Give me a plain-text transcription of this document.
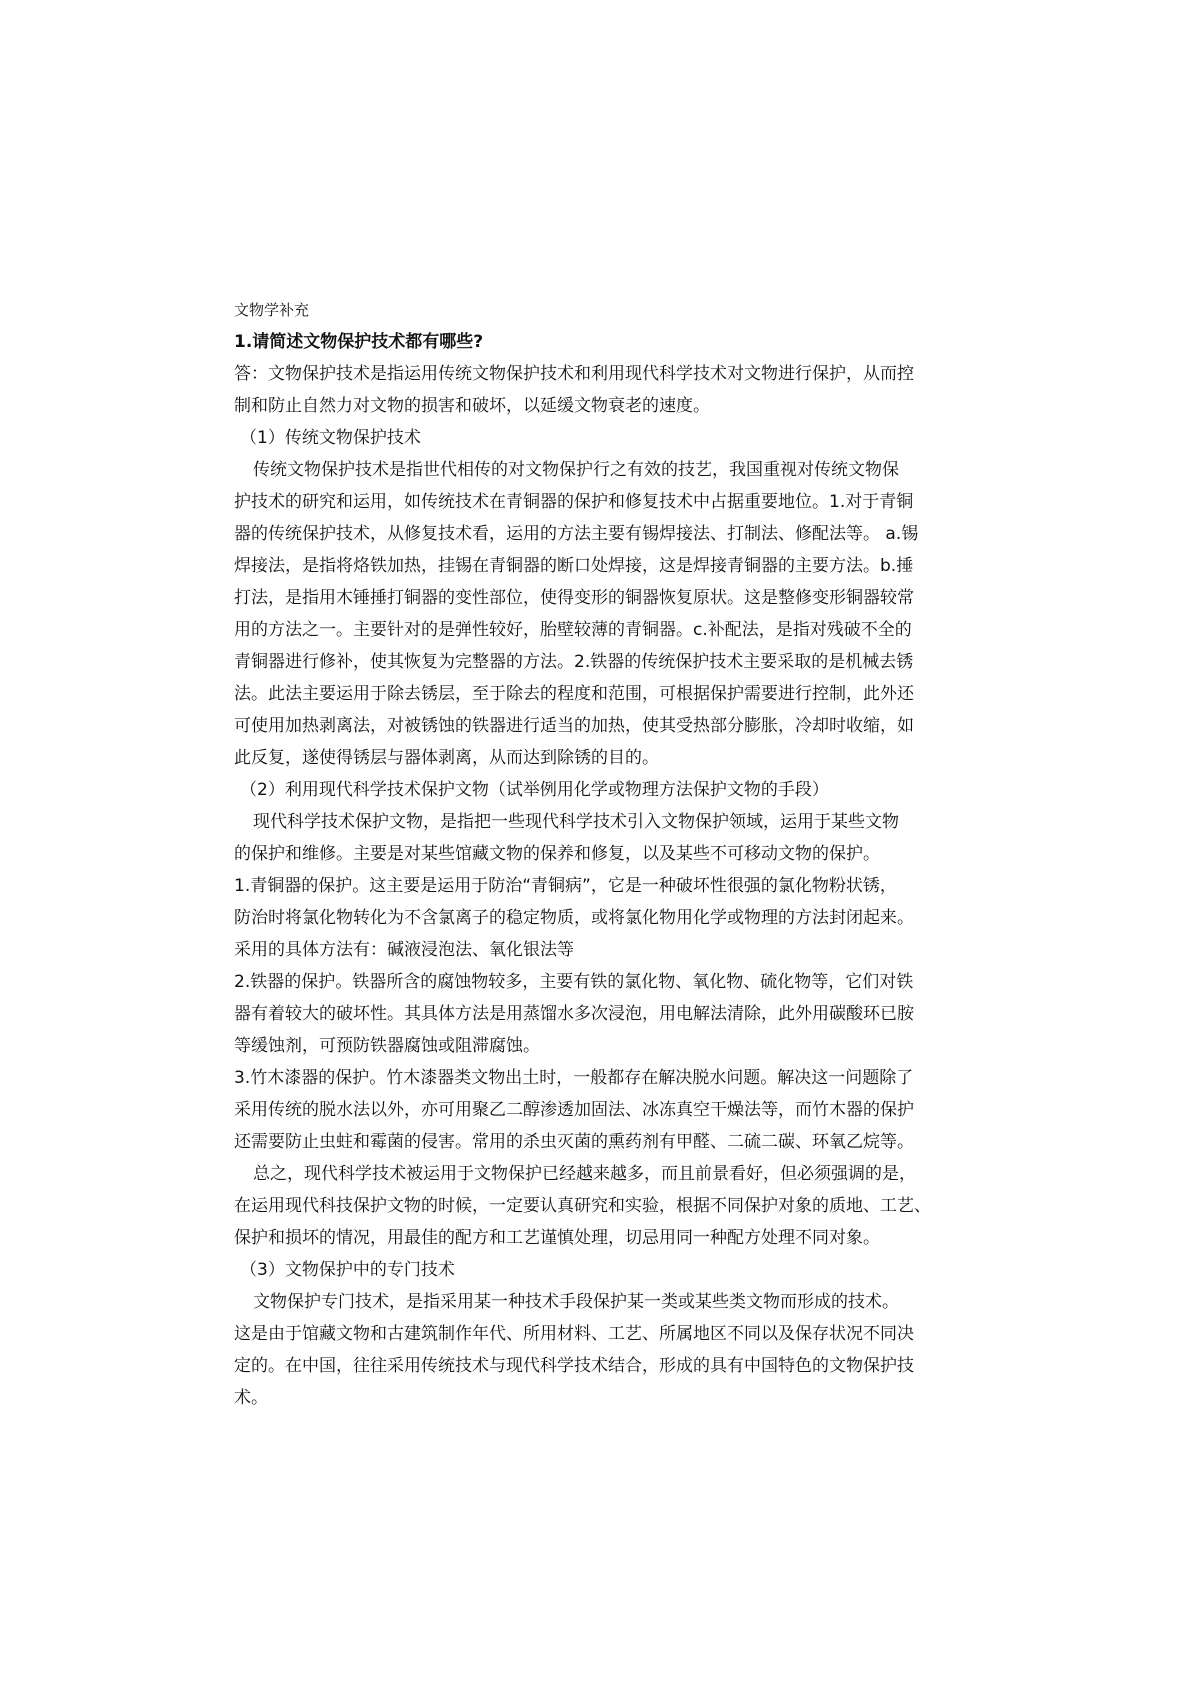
文物学补充
1.请简述文物保护技术都有哪些?
答：文物保护技术是指运用传统文物保护技术和利用现代科学技术对文物进行保护，从而控
制和防止自然力对文物的损害和破坏，以延缓文物衰老的速度。
（1）传统文物保护技术
传统文物保护技术是指世代相传的对文物保护行之有效的技艺，我国重视对传统文物保
护技术的研究和运用，如传统技术在青铜器的保护和修复技术中占据重要地位。1.对于青铜
器的传统保护技术，从修复技术看，运用的方法主要有锡焊接法、打制法、修配法等。 a.锡
焊接法，是指将烙铁加热，挂锡在青铜器的断口处焊接，这是焊接青铜器的主要方法。b.捶
打法，是指用木锤捶打铜器的变性部位，使得变形的铜器恢复原状。这是整修变形铜器较常
用的方法之一。主要针对的是弹性较好，胎壁较薄的青铜器。c.补配法，是指对残破不全的
青铜器进行修补，使其恢复为完整器的方法。2.铁器的传统保护技术主要采取的是机械去锈
法。此法主要运用于除去锈层，至于除去的程度和范围，可根据保护需要进行控制，此外还
可使用加热剥离法，对被锈蚀的铁器进行适当的加热，使其受热部分膨胀，冷却时收缩，如
此反复，遂使得锈层与器体剥离，从而达到除锈的目的。
（2）利用现代科学技术保护文物（试举例用化学或物理方法保护文物的手段）
现代科学技术保护文物，是指把一些现代科学技术引入文物保护领域，运用于某些文物
的保护和维修。主要是对某些馆藏文物的保养和修复，以及某些不可移动文物的保护。
1.青铜器的保护。这主要是运用于防治“青铜病”，它是一种破坏性很强的氯化物粉状锈，
防治时将氯化物转化为不含氯离子的稳定物质，或将氯化物用化学或物理的方法封闭起来。
采用的具体方法有：碱液浸泡法、氧化银法等
2.铁器的保护。铁器所含的腐蚀物较多，主要有铁的氯化物、氧化物、硫化物等，它们对铁
器有着较大的破坏性。其具体方法是用蒸馏水多次浸泡，用电解法清除，此外用碳酸环已胺
等缓蚀剂，可预防铁器腐蚀或阻滞腐蚀。
3.竹木漆器的保护。竹木漆器类文物出土时，一般都存在解决脱水问题。解决这一问题除了
采用传统的脱水法以外，亦可用聚乙二醇渗透加固法、冰冻真空干燥法等，而竹木器的保护
还需要防止虫蛀和霉菌的侵害。常用的杀虫灭菌的熏药剂有甲醛、二硫二碳、环氧乙烷等。
总之，现代科学技术被运用于文物保护已经越来越多，而且前景看好，但必须强调的是，
在运用现代科技保护文物的时候，一定要认真研究和实验，根据不同保护对象的质地、工艺、
保护和损坏的情况，用最佳的配方和工艺谨慎处理，切忌用同一种配方处理不同对象。
（3）文物保护中的专门技术
文物保护专门技术，是指采用某一种技术手段保护某一类或某些类文物而形成的技术。
这是由于馆藏文物和古建筑制作年代、所用材料、工艺、所属地区不同以及保存状况不同决
定的。在中国，往往采用传统技术与现代科学技术结合，形成的具有中国特色的文物保护技
术。
